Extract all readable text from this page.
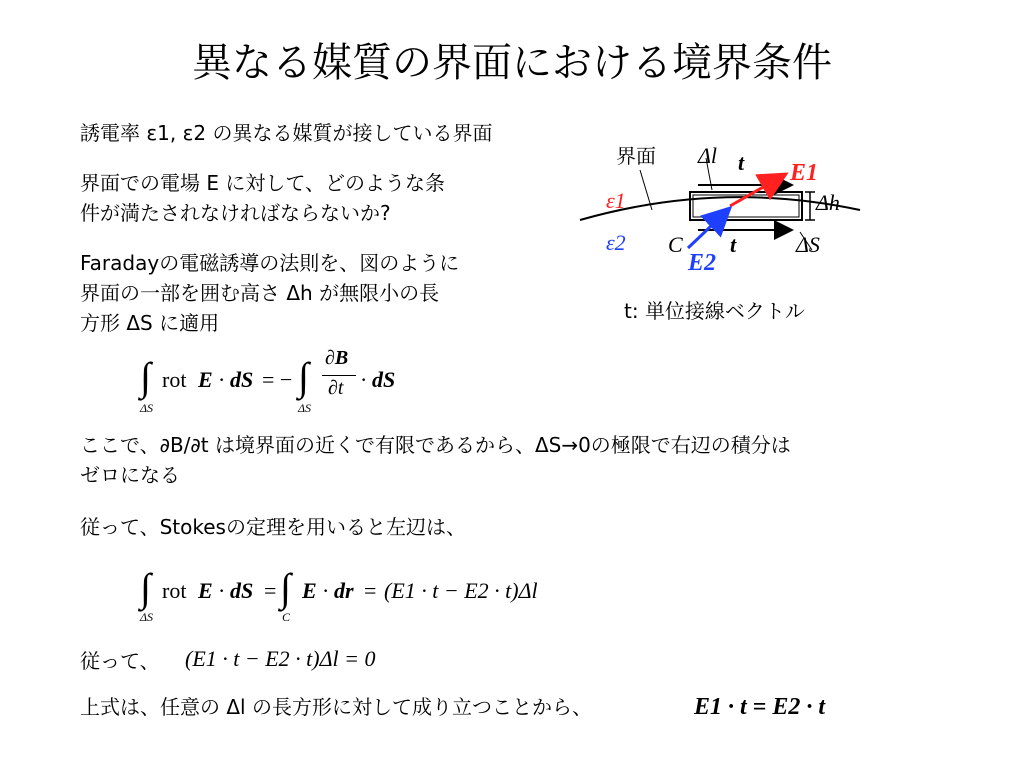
異なる媒質の界面における境界条件
誘電率 ε1, ε2 の異なる媒質が接している界面
界面での電場 E に対して、どのような条
件が満たされなければならないか?
Faradayの電磁誘導の法則を、図のように
界面の一部を囲む高さ Δh が無限小の長
方形 ΔS に適用
界面 Δl t E1
ε1	Δh
ε2 C t	ΔS
E2
t: 単位接線ベクトル
∫ rot E · dS = − ∫ ∂B
∂t · dS
ΔS	ΔS
ここで、∂B/∂t は境界面の近くで有限であるから、ΔS→0の極限で右辺の積分は
ゼロになる
従って、Stokesの定理を用いると左辺は、
∫ rot E · dS = ∫ E · dr = (E1 · t − E2 · t)Δl
ΔS	C
従って、 (E1 · t − E2 · t)Δl = 0
上式は、任意の Δl の長方形に対して成り立つことから、	E1 · t = E2 · t
